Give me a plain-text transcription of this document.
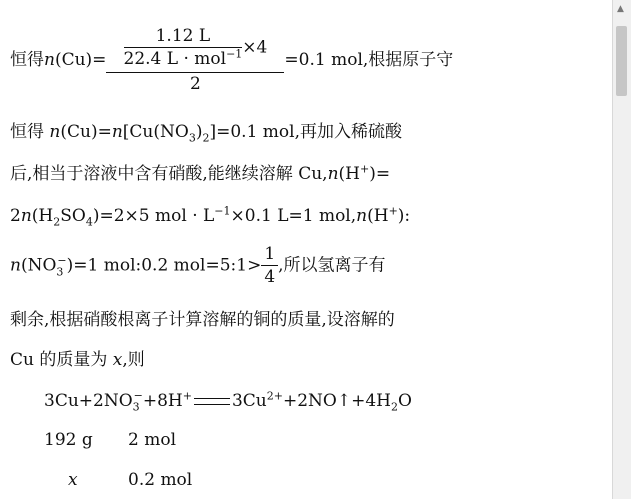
恒得$n(Cu)= \frac{\frac{1.12 L}{22.4 L \cdot mol^{-1}} \times 4}{2} =0.1$ mol,根据原子守
恒得 $n(Cu)=n[Cu(NO_3)_2]=0.1$ mol,再加入稀硫酸
后,相当于溶液中含有硝酸,能继续溶解 Cu,n(H+)=
$2n(H_2SO_4)=2\times 5$ mol · $L^{-1}\times 0.1$ L=1 mol,n(H+):
$n(NO_3^-)=1$ mol:0.2 mol=5:1> $\frac{1}{4}$ ,所以氢离子有
剩余,根据硝酸根离子计算溶解的铜的质量,设溶解的
Cu 的质量为 x,则
$3Cu+2NO_3^-+8H^+$ $3Cu^{2+}+2NO↑+4H_2O$
192 g 2 mol
x	0.2 mol
▲
